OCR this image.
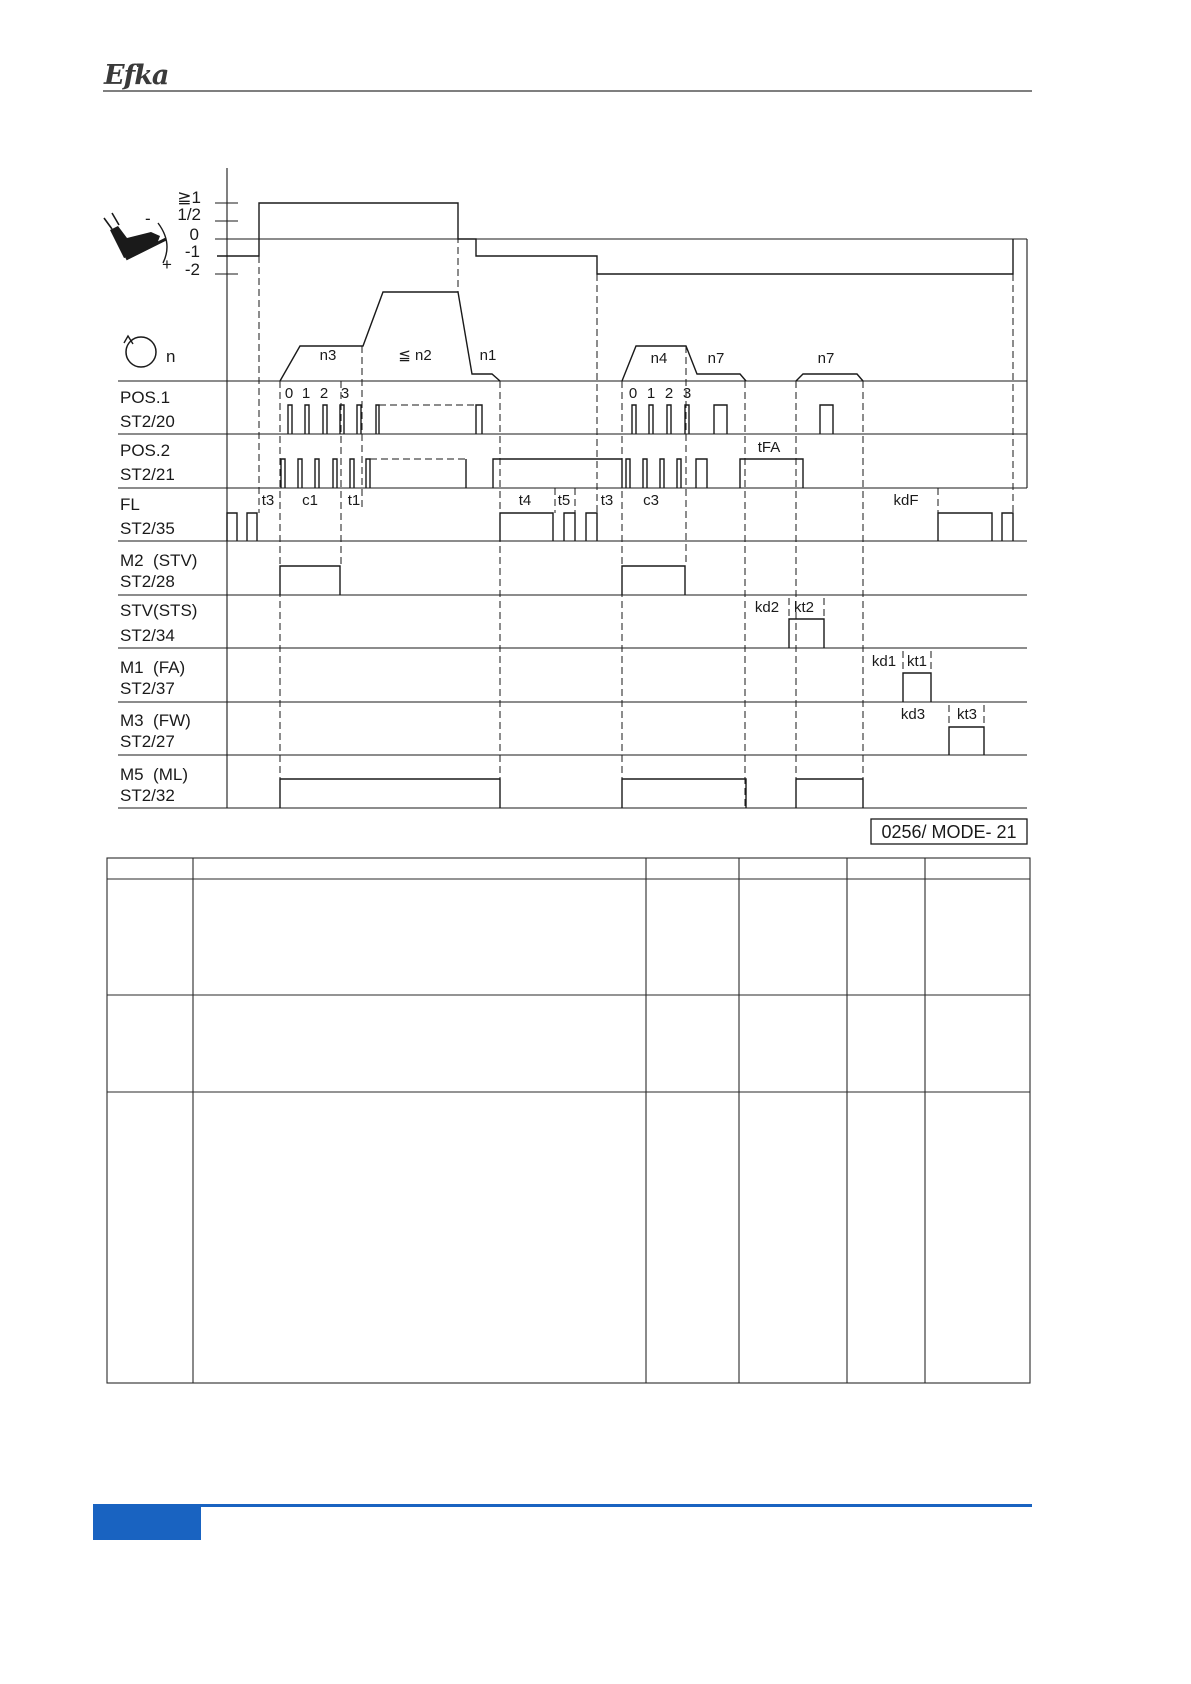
Efka
≧1
1/2
0
-1
-2
-
+
n	n3	≦ n2	n1	n4	n7	n7
POS.1
ST2/20
POS.2
ST2/21
FL
ST2/35
M2  (STV)
ST2/28
STV(STS)
ST2/34
M1  (FA)
ST2/37
M3  (FW)
ST2/27
M5  (ML)
ST2/32
0 1 2 3	0 1 2 3
tFA
t3 c1 t1	t4 t5 t3 c3	kdF
kd2 kt2
kd1 kt1
kd3 kt3
0256/ MODE- 21
